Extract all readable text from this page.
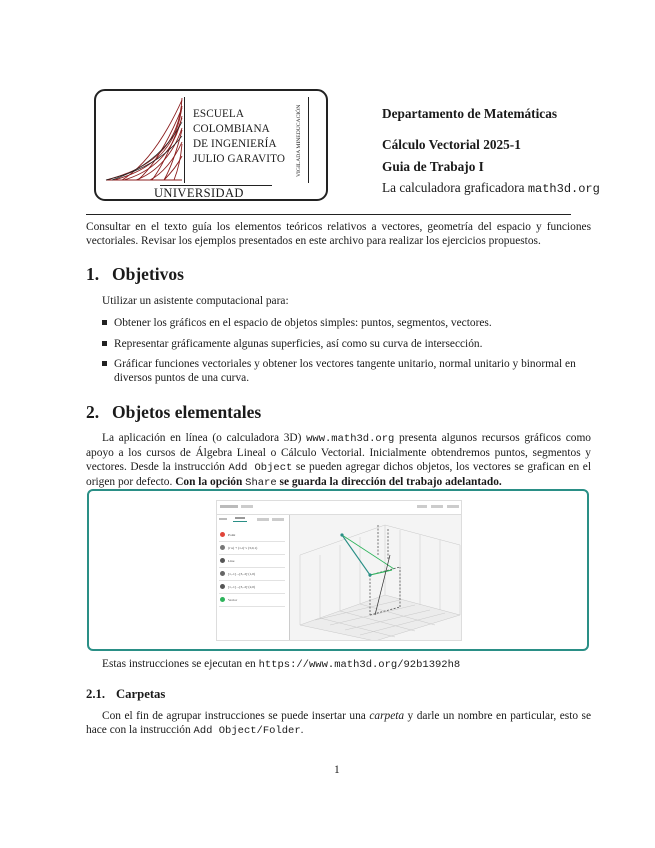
ESCUELA
COLOMBIANA
DE INGENIERÍA
JULIO GARAVITO
UNIVERSIDAD
VIGILADA MINEDUCACIÓN	Departamento de Matemáticas
Cálculo Vectorial 2025-1
Guia de Trabajo I
La calculadora graficadora math3d.org
Consultar en el texto guía los elementos teóricos relativos a vectores, geometría del espacio y funciones vectoriales. Revisar los ejemplos presentados en este archivo para realizar los ejercicios propuestos.
1. Objetivos
Utilizar un asistente computacional para:
Obtener los gráficos en el espacio de objetos simples: puntos, segmentos, vectores.
Representar gráficamente algunas superficies, así como su curva de intersección.
Gráficar funciones vectoriales y obtener los vectores tangente unitario, normal unitario y binormal en diversos puntos de una curva.
2. Objetos elementales
La aplicación en línea (o calculadora 3D) www.math3d.org presenta algunos recursos gráficos como apoyo a los cursos de Álgebra Lineal o Cálculo Vectorial. Inicialmente obtendremos puntos, segmentos y vectores. Desde la instrucción Add Object se pueden agregar dichos objetos, los vectores se grafican en el origen por defecto. Con la opción Share se guarda la dirección del trabajo adelantado.
Point
(t·u) + (1-t)·v (3,0,1)
Line
[1,-1]→[3,-2]·(1,0)
[1,-1]→[3,-2]·(2,0)
Vector
Estas instrucciones se ejecutan en https://www.math3d.org/92b1392h8
2.1. Carpetas
Con el fin de agrupar instrucciones se puede insertar una carpeta y darle un nombre en particular, esto se hace con la instrucción Add Object/Folder.
1
